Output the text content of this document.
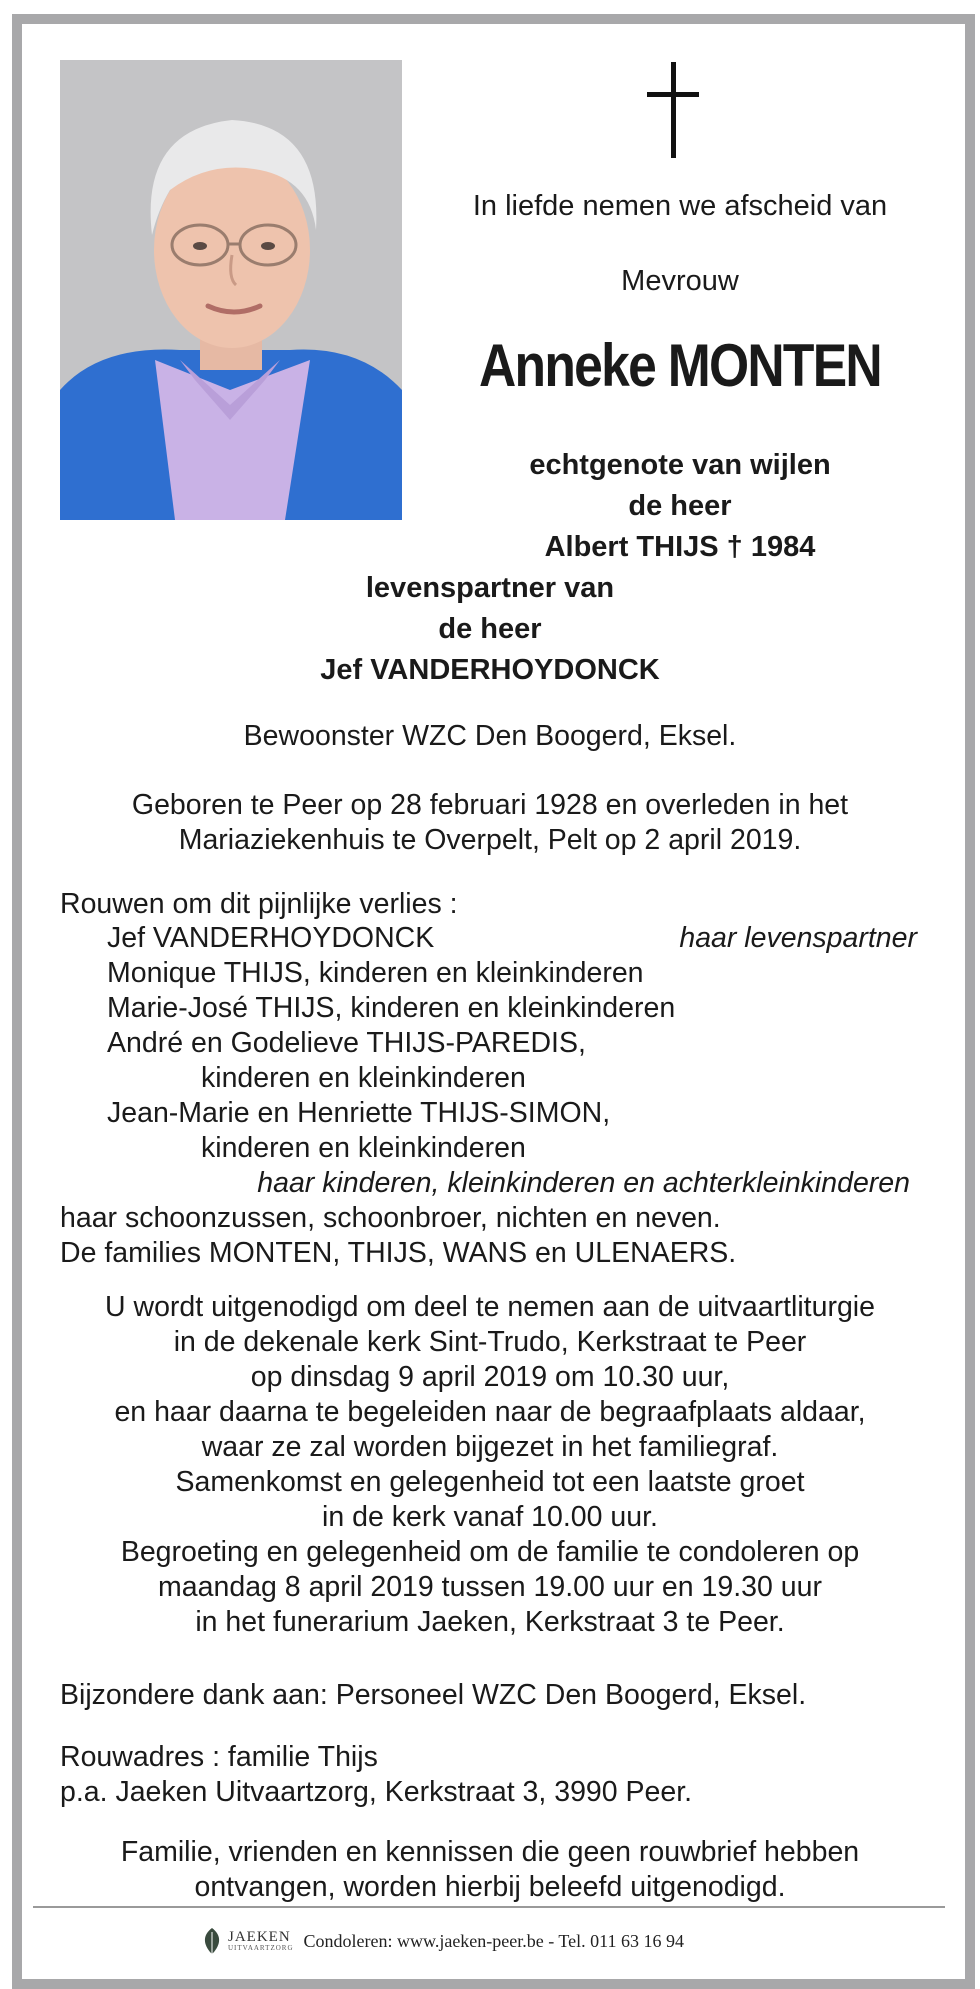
In liefde nemen we afscheid van
Mevrouw
Anneke MONTEN
echtgenote van wijlen
de heer
Albert THIJS † 1984
levenspartner van
de heer
Jef VANDERHOYDONCK
Bewoonster WZC Den Boogerd, Eksel.
Geboren te Peer op 28 februari 1928 en overleden in het
Mariaziekenhuis te Overpelt, Pelt op 2 april 2019.
Rouwen om dit pijnlijke verlies :
Jef VANDERHOYDONCK	haar levenspartner
Monique THIJS, kinderen en kleinkinderen
Marie-José THIJS, kinderen en kleinkinderen
André en Godelieve THIJS-PAREDIS,
kinderen en kleinkinderen
Jean-Marie en Henriette THIJS-SIMON,
kinderen en kleinkinderen
haar kinderen, kleinkinderen en achterkleinkinderen
haar schoonzussen, schoonbroer, nichten en neven.
De families MONTEN, THIJS, WANS en ULENAERS.
U wordt uitgenodigd om deel te nemen aan de uitvaartliturgie
in de dekenale kerk Sint-Trudo, Kerkstraat te Peer
op dinsdag 9 april 2019 om 10.30 uur,
en haar daarna te begeleiden naar de begraafplaats aldaar,
waar ze zal worden bijgezet in het familiegraf.
Samenkomst en gelegenheid tot een laatste groet
in de kerk vanaf 10.00 uur.
Begroeting en gelegenheid om de familie te condoleren op
maandag 8 april 2019 tussen 19.00 uur en 19.30 uur
in het funerarium Jaeken, Kerkstraat 3 te Peer.
Bijzondere dank aan: Personeel WZC Den Boogerd, Eksel.
Rouwadres : familie Thijs
p.a. Jaeken Uitvaartzorg, Kerkstraat 3, 3990 Peer.
Familie, vrienden en kennissen die geen rouwbrief hebben
ontvangen, worden hierbij beleefd uitgenodigd.
JAEKEN
UITVAARTZORG Condoleren: www.jaeken-peer.be - Tel. 011 63 16 94
